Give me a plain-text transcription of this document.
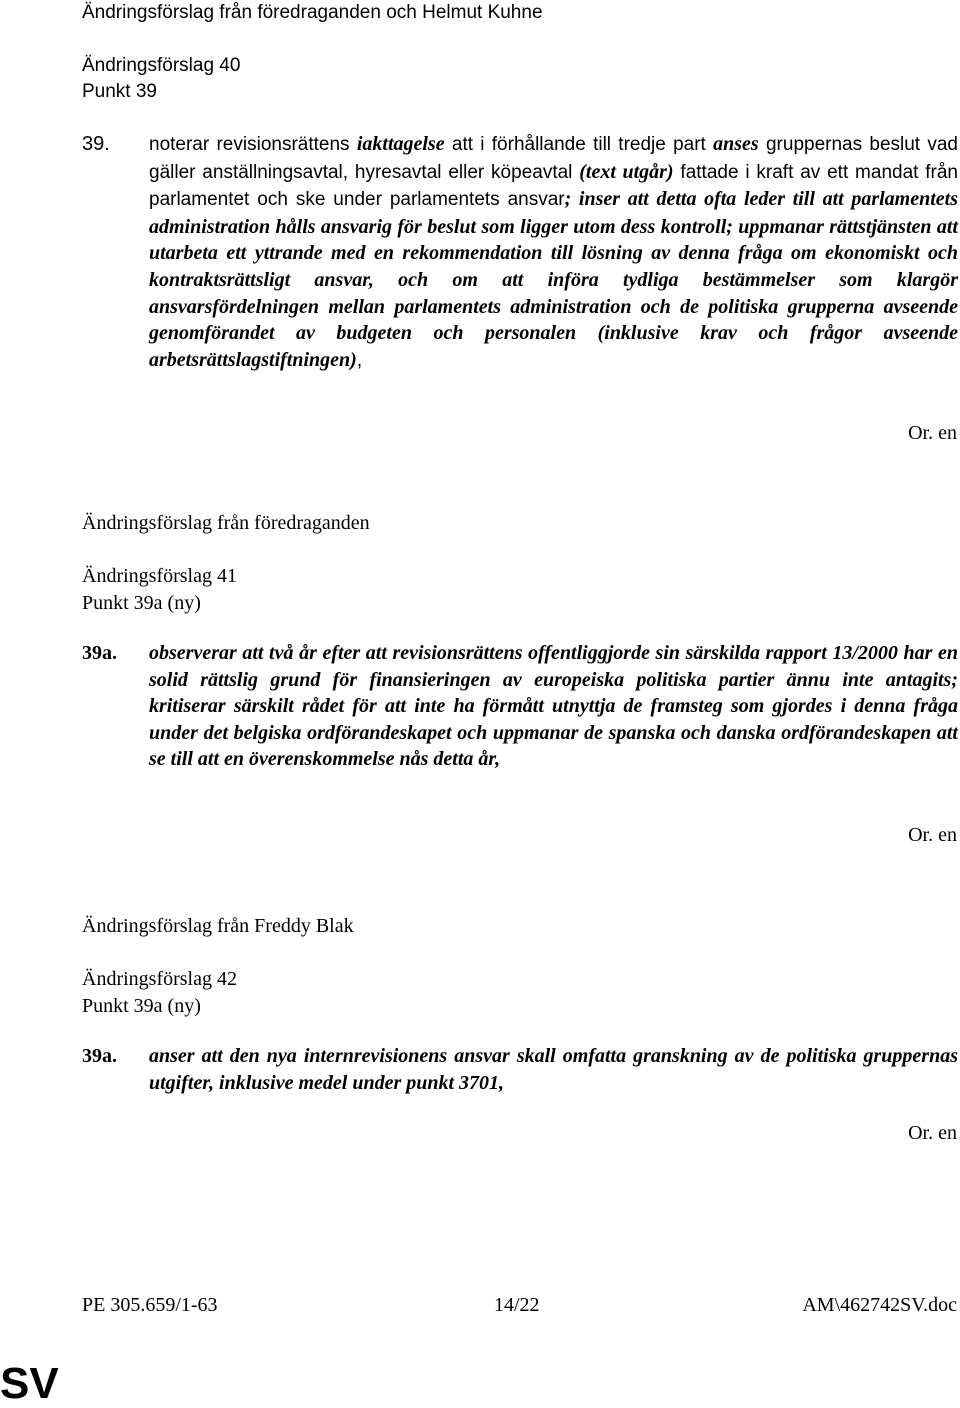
Ändringsförslag från föredraganden och Helmut Kuhne
Ändringsförslag 40
Punkt 39
39. noterar revisionsrättens iakttagelse att i förhållande till tredje part anses gruppernas beslut vad gäller anställningsavtal, hyresavtal eller köpeavtal (text utgår) fattade i kraft av ett mandat från parlamentet och ske under parlamentets ansvar; inser att detta ofta leder till att parlamentets administration hålls ansvarig för beslut som ligger utom dess kontroll; uppmanar rättstjänsten att utarbeta ett yttrande med en rekommendation till lösning av denna fråga om ekonomiskt och kontraktsrättsligt ansvar, och om att införa tydliga bestämmelser som klargör ansvarsfördelningen mellan parlamentets administration och de politiska grupperna avseende genomförandet av budgeten och personalen (inklusive krav och frågor avseende arbetsrättslagstiftningen),
Or. en
Ändringsförslag från föredraganden
Ändringsförslag 41
Punkt 39a (ny)
39a. observerar att två år efter att revisionsrättens offentliggjorde sin särskilda rapport 13/2000 har en solid rättslig grund för finansieringen av europeiska politiska partier ännu inte antagits; kritiserar särskilt rådet för att inte ha förmått utnyttja de framsteg som gjordes i denna fråga under det belgiska ordförandeskapet och uppmanar de spanska och danska ordförandeskapen att se till att en överenskommelse nås detta år,
Or. en
Ändringsförslag från Freddy Blak
Ändringsförslag 42
Punkt 39a (ny)
39a. anser att den nya internrevisionens ansvar skall omfatta granskning av de politiska gruppernas utgifter, inklusive medel under punkt 3701,
Or. en
PE 305.659/1-63	14/22	AM\462742SV.doc
SV
